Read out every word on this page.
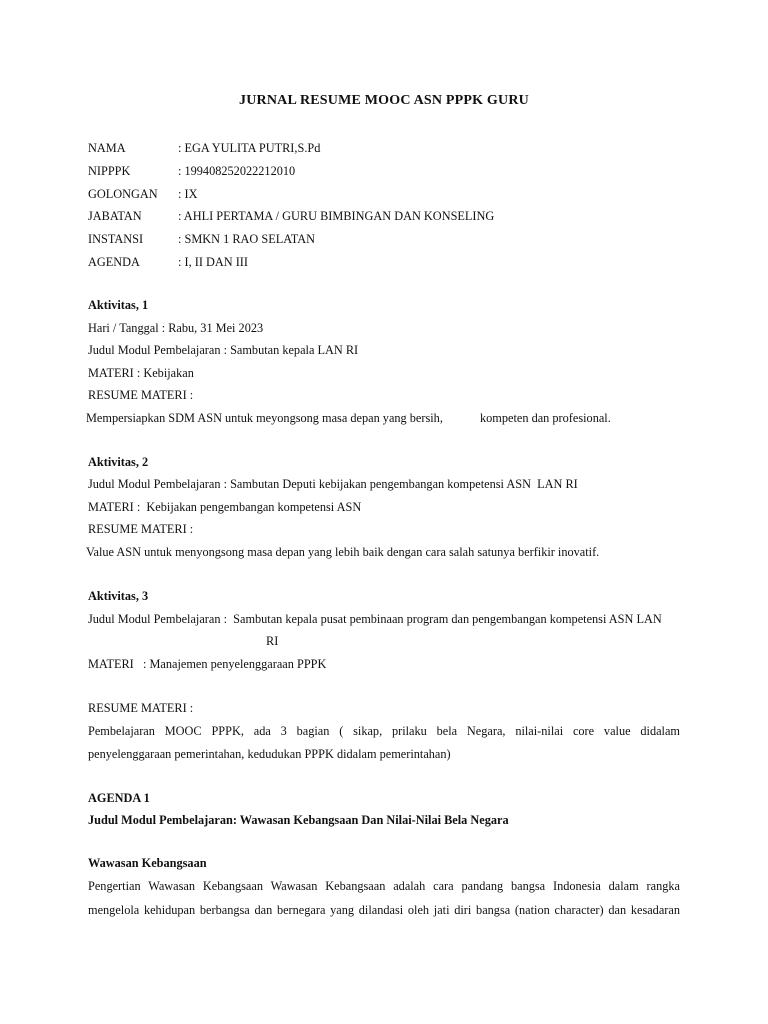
JURNAL RESUME MOOC ASN PPPK GURU
NAMA	: EGA YULITA PUTRI,S.Pd
NIPPPK	: 199408252022212010
GOLONGAN : IX
JABATAN	: AHLI PERTAMA / GURU BIMBINGAN DAN KONSELING
INSTANSI	: SMKN 1 RAO SELATAN
AGENDA	: I, II DAN III
Aktivitas, 1
Hari / Tanggal : Rabu, 31 Mei 2023
Judul Modul Pembelajaran : Sambutan kepala LAN RI
MATERI : Kebijakan
RESUME MATERI :
Mempersiapkan SDM ASN untuk meyongsong masa depan yang bersih,	kompeten dan profesional.
Aktivitas, 2
Judul Modul Pembelajaran : Sambutan Deputi kebijakan pengembangan kompetensi ASN  LAN RI
MATERI :  Kebijakan pengembangan kompetensi ASN
RESUME MATERI :
Value ASN untuk menyongsong masa depan yang lebih baik dengan cara salah satunya berfikir inovatif.
Aktivitas, 3
Judul Modul Pembelajaran :  Sambutan kepala pusat pembinaan program dan pengembangan kompetensi ASN LAN
RI
MATERI   : Manajemen penyelenggaraan PPPK
RESUME MATERI :
Pembelajaran MOOC PPPK, ada 3 bagian ( sikap, prilaku bela Negara, nilai-nilai core value didalam
penyelenggaraan pemerintahan, kedudukan PPPK didalam pemerintahan)
AGENDA 1
Judul Modul Pembelajaran: Wawasan Kebangsaan Dan Nilai-Nilai Bela Negara
Wawasan Kebangsaan
Pengertian Wawasan Kebangsaan Wawasan Kebangsaan adalah cara pandang bangsa Indonesia dalam rangka
mengelola kehidupan berbangsa dan bernegara yang dilandasi oleh jati diri bangsa (nation character) dan kesadaran
